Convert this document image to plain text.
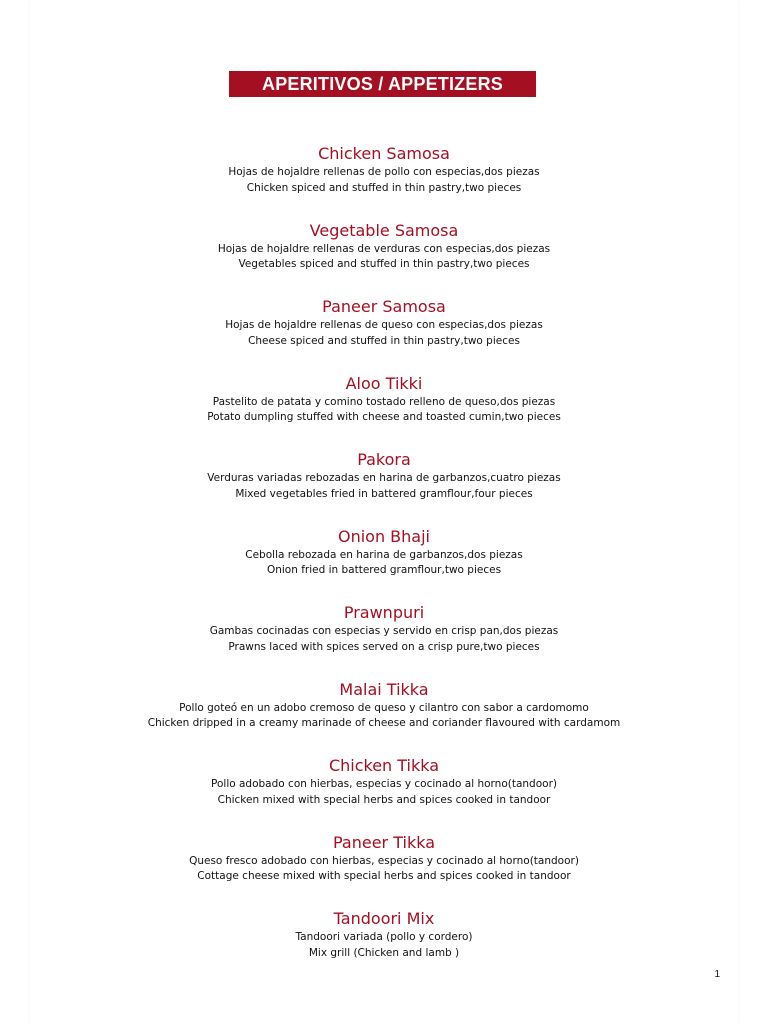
APERITIVOS / APPETIZERS
Chicken Samosa
Hojas de hojaldre rellenas de pollo con especias,dos piezas
Chicken spiced and stuffed in thin pastry,two pieces
Vegetable Samosa
Hojas de hojaldre rellenas de verduras con especias,dos piezas
Vegetables spiced and stuffed in thin pastry,two pieces
Paneer Samosa
Hojas de hojaldre rellenas de queso con especias,dos piezas
Cheese spiced and stuffed in thin pastry,two pieces
Aloo Tikki
Pastelito de patata y comino tostado relleno de queso,dos piezas
Potato dumpling stuffed with cheese and toasted cumin,two pieces
Pakora
Verduras variadas rebozadas en harina de garbanzos,cuatro piezas
Mixed vegetables fried in battered gramflour,four pieces
Onion Bhaji
Cebolla rebozada en harina de garbanzos,dos piezas
Onion fried in battered gramflour,two pieces
Prawnpuri
Gambas cocinadas con especias y servido en crisp pan,dos piezas
Prawns laced with spices served on a crisp pure,two pieces
Malai Tikka
Pollo goteó en un adobo cremoso de queso y cilantro con sabor a cardomomo
Chicken dripped in a creamy marinade of cheese and coriander flavoured with cardamom
Chicken Tikka
Pollo adobado con hierbas, especias y cocinado al horno(tandoor)
Chicken mixed with special herbs and spices cooked in tandoor
Paneer Tikka
Queso fresco adobado con hierbas, especias y cocinado al horno(tandoor)
Cottage cheese mixed with special herbs and spices cooked in tandoor
Tandoori Mix
Tandoori variada (pollo y cordero)
Mix grill (Chicken and lamb )
1
